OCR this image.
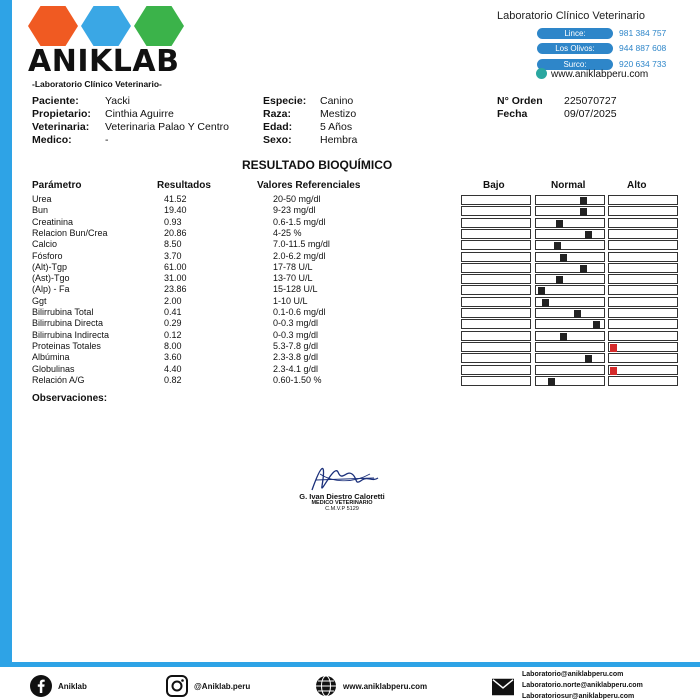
ANIKLAB
-Laboratorio Clínico Veterinario-
Laboratorio Clínico Veterinario
Lince:	981 384 757
Los Olivos:	944 887 608
Surco:	920 634 733
www.aniklabperu.com
Paciente:	Yacki
Propietario: Cinthia Aguirre
Veterinaria: Veterinaria Palao Y Centro
Medico:	-
Especie: Canino
Raza:	Mestizo
Edad:	5 Años
Sexo:	Hembra
N° Orden 225070727
Fecha	09/07/2025
RESULTADO BIOQUÍMICO
Parámetro	Resultados	Valores Referenciales	Bajo	Normal	Alto
Urea	41.52	20-50 mg/dl
Bun	19.40	9-23 mg/dl
Creatinina	0.93	0.6-1.5 mg/dl
Relacion Bun/Crea	20.86	4-25 %
Calcio	8.50	7.0-11.5 mg/dl
Fósforo	3.70	2.0-6.2 mg/dl
(Alt)-Tgp	61.00	17-78 U/L
(Ast)-Tgo	31.00	13-70 U/L
(Alp) - Fa	23.86	15-128 U/L
Ggt	2.00	1-10 U/L
Bilirrubina Total	0.41	0.1-0.6 mg/dl
Bilirrubina Directa	0.29	0-0.3 mg/dl
Bilirrubina Indirecta	0.12	0-0.3 mg/dl
Proteinas Totales	8.00	5.3-7.8 g/dl
Albúmina	3.60	2.3-3.8 g/dl
Globulinas	4.40	2.3-4.1 g/dl
Relación A/G	0.82	0.60-1.50 %
Observaciones:
G. Ivan Diestro Caloretti
MEDICO VETERINARIO
C.M.V.P 5129
Aniklab	@Aniklab.peru	www.aniklabperu.com
Laboratorio@aniklabperu.com
Laboratorio.norte@aniklabperu.com
Laboratoriosur@aniklabperu.com
